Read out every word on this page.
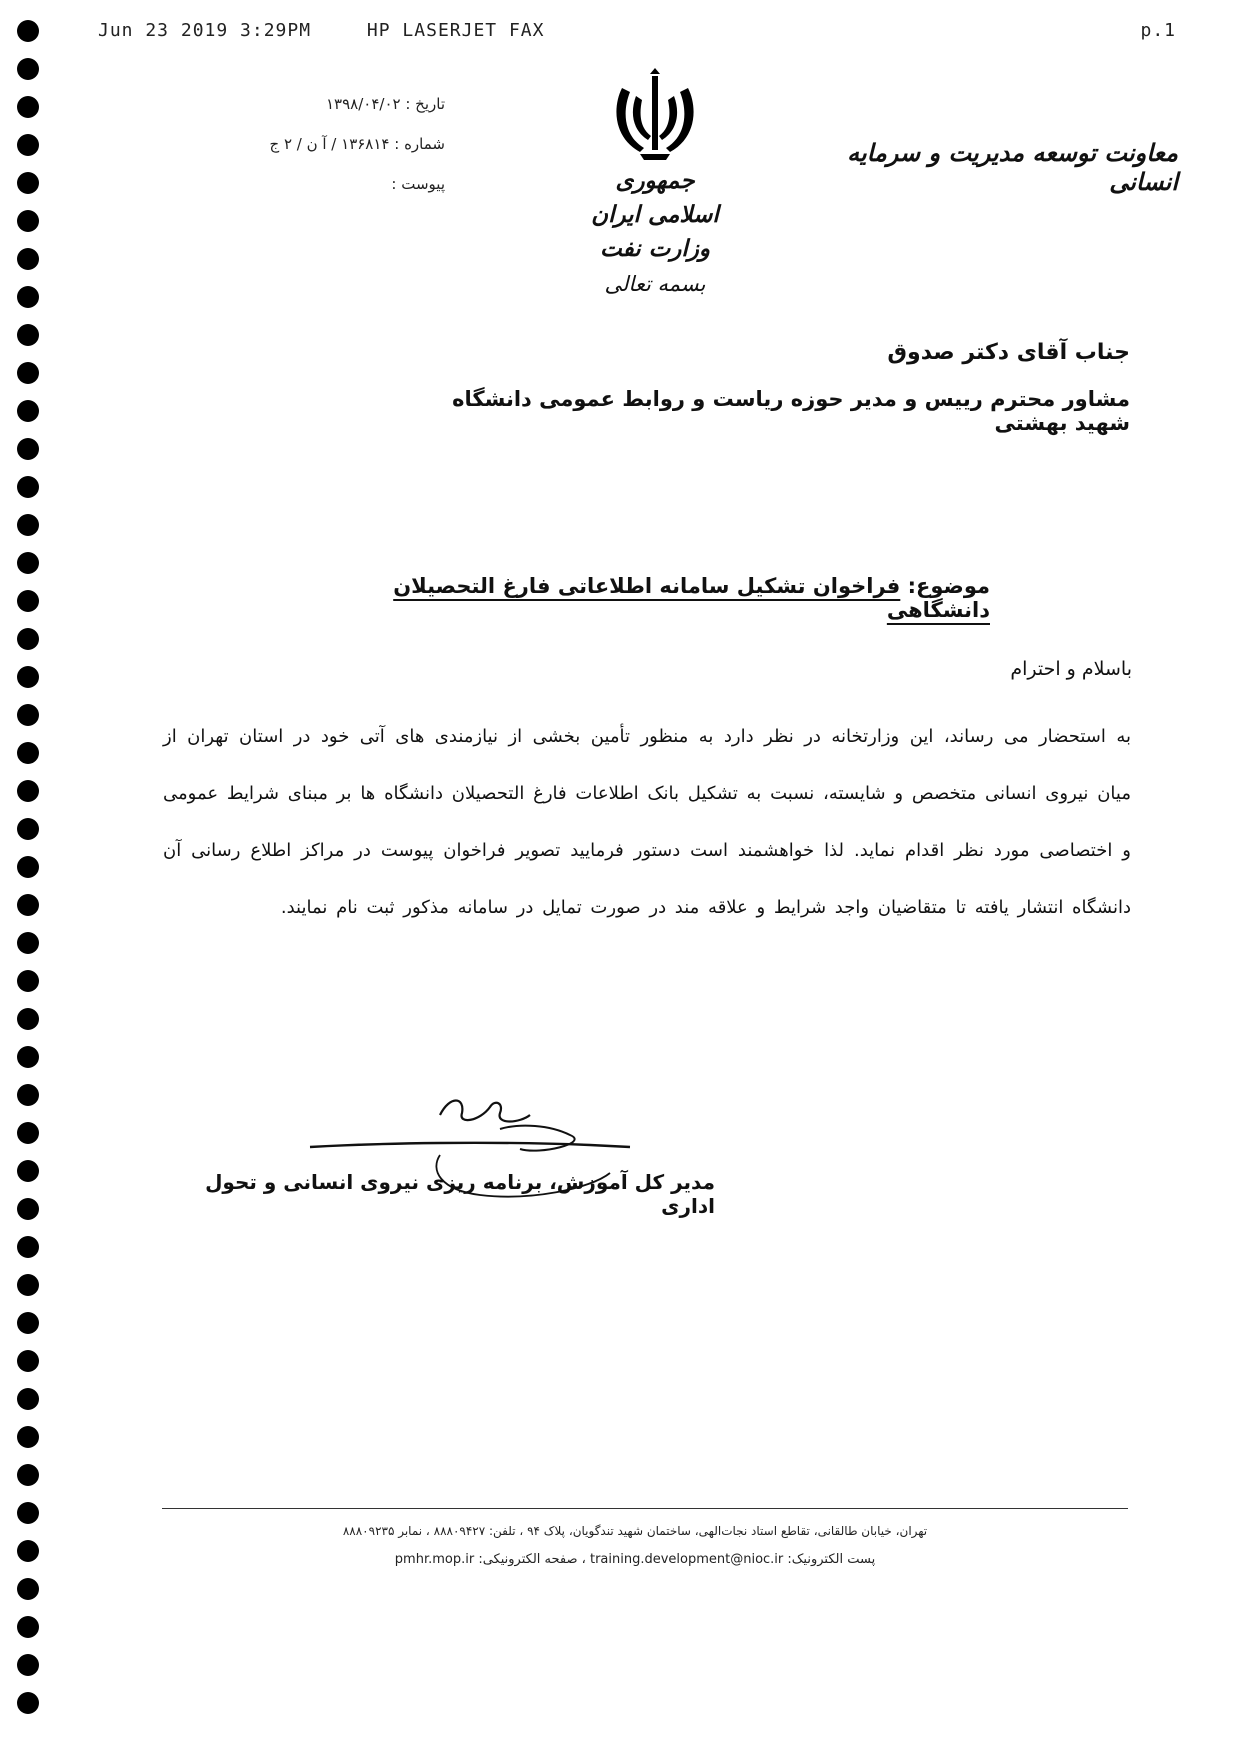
Jun 23 2019 3:29PM	HP LASERJET FAX	p.1
تاریخ : ۱۳۹۸/۰۴/۰۲
شماره : ۱۳۶۸۱۴ / آ ن / ۲ ج
پیوست :	جمهوری اسلامی ایران
وزارت نفت
بسمه تعالی
معاونت توسعه مدیریت و سرمایه انسانی
جناب آقای دکتر صدوق
مشاور محترم رییس و مدیر حوزه ریاست و روابط عمومی دانشگاه شهید بهشتی
موضوع: فراخوان تشکیل سامانه اطلاعاتی فارغ التحصیلان دانشگاهی
باسلام و احترام
به استحضار می رساند، این وزارتخانه در نظر دارد به منظور تأمین بخشی از نیازمندی های آتی خود در استان تهران از میان نیروی انسانی متخصص و شایسته، نسبت به تشکیل بانک اطلاعات فارغ التحصیلان دانشگاه ها بر مبنای شرایط عمومی و اختصاصی مورد نظر اقدام نماید. لذا خواهشمند است دستور فرمایید تصویر فراخوان پیوست در مراکز اطلاع رسانی آن دانشگاه انتشار یافته تا متقاضیان واجد شرایط و علاقه مند در صورت تمایل در سامانه مذکور ثبت نام نمایند.
مدیر کل آموزش، برنامه ریزی نیروی انسانی و تحول اداری
تهران، خیابان طالقانی، تقاطع استاد نجات‌الهی، ساختمان شهید تندگویان، پلاک ۹۴ ، تلفن: ۸۸۸۰۹۴۲۷ ، نمابر ۸۸۸۰۹۲۳۵
پست الکترونیک: training.development@nioc.ir ، صفحه الکترونیکی: pmhr.mop.ir
